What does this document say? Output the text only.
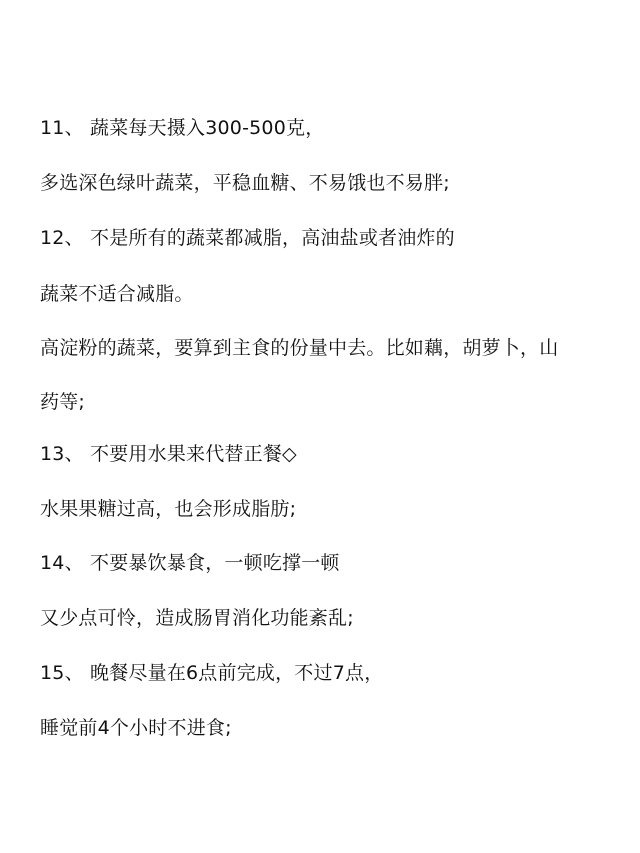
11、 蔬菜每天摄入300-500克，
多选深色绿叶蔬菜，平稳血糖、不易饿也不易胖;
12、 不是所有的蔬菜都减脂，高油盐或者油炸的
蔬菜不适合减脂。
高淀粉的蔬菜，要算到主食的份量中去。比如藕，胡萝卜，山
药等;
13、 不要用水果来代替正餐◇
水果果糖过高，也会形成脂肪;
14、 不要暴饮暴食，一顿吃撑一顿
又少点可怜，造成肠胃消化功能紊乱;
15、 晚餐尽量在6点前完成，不过7点，
睡觉前4个小时不进食;
